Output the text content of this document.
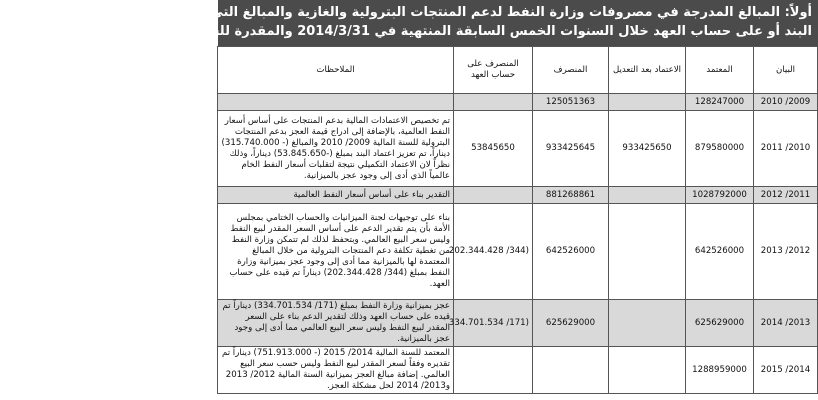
أولاً: المبالغ المدرجة في مصروفات وزارة النفط لدعم المنتجات البترولية والغازية والمبالغ التي تم صرفها فعلاً سواء على حساب
البند أو على حساب العهد خلال السنوات الخمس السابقة المنتهية في 2014/3/31 والمقدرة للسنة المالية 2014/ 2015
البيان	المعتمد	الاعتماد بعد التعديل	المنصرف	المنصرف على حساب العهد	الملاحظات
2009/ 2010	128247000		125051363		
2010/ 2011	879580000	933425650	933425645	53845650	تم تخصيص الاعتمادات المالية بدعم المنتجات على أساس أسعار النفط العالمية، بالإضافة إلى ادراج قيمة العجز بدعم المنتجات البترولية للسنة المالية 2009/ 2010 والمبالغ (- 315.740.000) ديناراً، تم تعزيز اعتماد البند بمبلغ (-53.845.650) ديناراً، وذلك نظراً لان الاعتماد التكميلي نتيجة لتقلبات أسعار النفط الخام عالمياً الذي أدى إلى وجود عجز بالميزانية.
2011/ 2012	1028792000		881268861		التقدير بناء على أساس أسعار النفط العالمية
2012/ 2013	642526000		642526000	(344/ 202.344.428	بناء على توجيهات لجنة الميزانيات والحساب الختامي بمجلس الأمة بأن يتم تقدير الدعم على أساس السعر المقدر لبيع النفط وليس سعر البيع العالمي. وبتحفظ لذلك لم تتمكن وزارة النفط من تغطية تكلفة دعم المنتجات البترولية من خلال المبالغ المعتمدة لها بالميزانية مما أدى إلى وجود عجز بميزانية وزارة النفط بمبلغ (344/ 202.344.428) ديناراً تم قيده على حساب العهد.
2013/ 2014	625629000		625629000	(171/ 334.701.534	عجز بميزانية وزارة النفط بمبلغ (171/ 334.701.534) ديناراً تم قيده على حساب العهد وذلك لتقدير الدعم بناء على السعر المقدر لبيع النفط وليس سعر البيع العالمي مما أدى إلى وجود عجز بالميزانية.
2014/ 2015	1288959000				المعتمد للسنة المالية 2014/ 2015 (- 751.913.000) ديناراً تم تقديره وفقاً لسعر المقدر لبيع النفط وليس حسب سعر البيع العالمي. إضافة مبالغ العجز بميزانية السنة المالية 2012/ 2013 و2013/ 2014 لحل مشكلة العجز.
